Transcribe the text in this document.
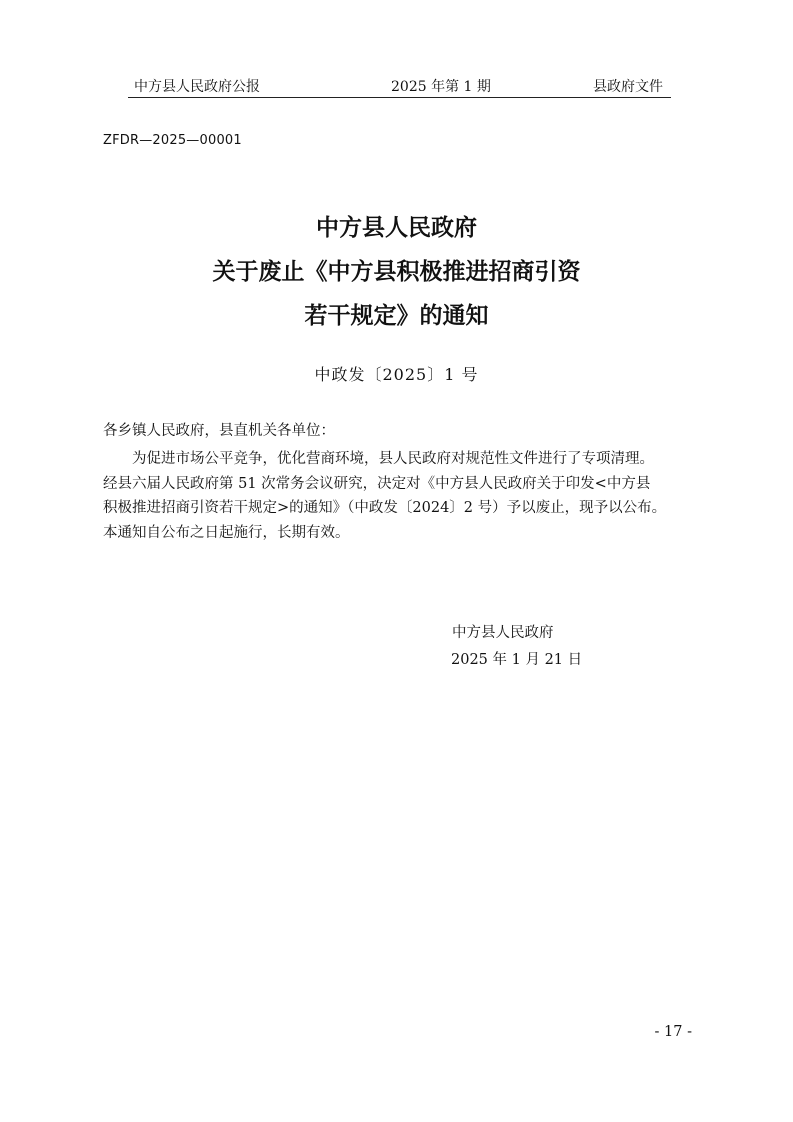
中方县人民政府公报	2025 年第 1 期	县政府文件
ZFDR—2025—00001
中方县人民政府
关于废止《中方县积极推进招商引资
若干规定》的通知
中政发〔2025〕1 号
各乡镇人民政府，县直机关各单位：
为促进市场公平竞争，优化营商环境，县人民政府对规范性文件进行了专项清理。
经县六届人民政府第 51 次常务会议研究，决定对《中方县人民政府关于印发<中方县
积极推进招商引资若干规定>的通知》（中政发〔2024〕2 号）予以废止，现予以公布。
本通知自公布之日起施行，长期有效。
中方县人民政府
2025 年 1 月 21 日
- 17 -
